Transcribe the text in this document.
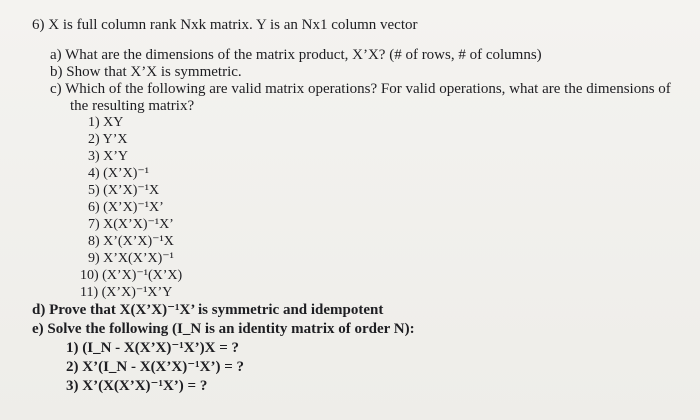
6) X is full column rank Nxk matrix. Y is an Nx1 column vector
a) What are the dimensions of the matrix product, X’X? (# of rows, # of columns)
b) Show that X’X is symmetric.
c) Which of the following are valid matrix operations? For valid operations, what are the dimensions of
the resulting matrix?
1) XY
2) Y’X
3) X’Y
4) (X’X)⁻¹
5) (X’X)⁻¹X
6) (X’X)⁻¹X’
7) X(X’X)⁻¹X’
8) X’(X’X)⁻¹X
9) X’X(X’X)⁻¹
10) (X’X)⁻¹(X’X)
11) (X’X)⁻¹X’Y
d) Prove that X(X’X)⁻¹X’ is symmetric and idempotent
e) Solve the following (I_N is an identity matrix of order N):
1) (I_N - X(X’X)⁻¹X’)X = ?
2) X’(I_N - X(X’X)⁻¹X’) = ?
3) X’(X(X’X)⁻¹X’) = ?
